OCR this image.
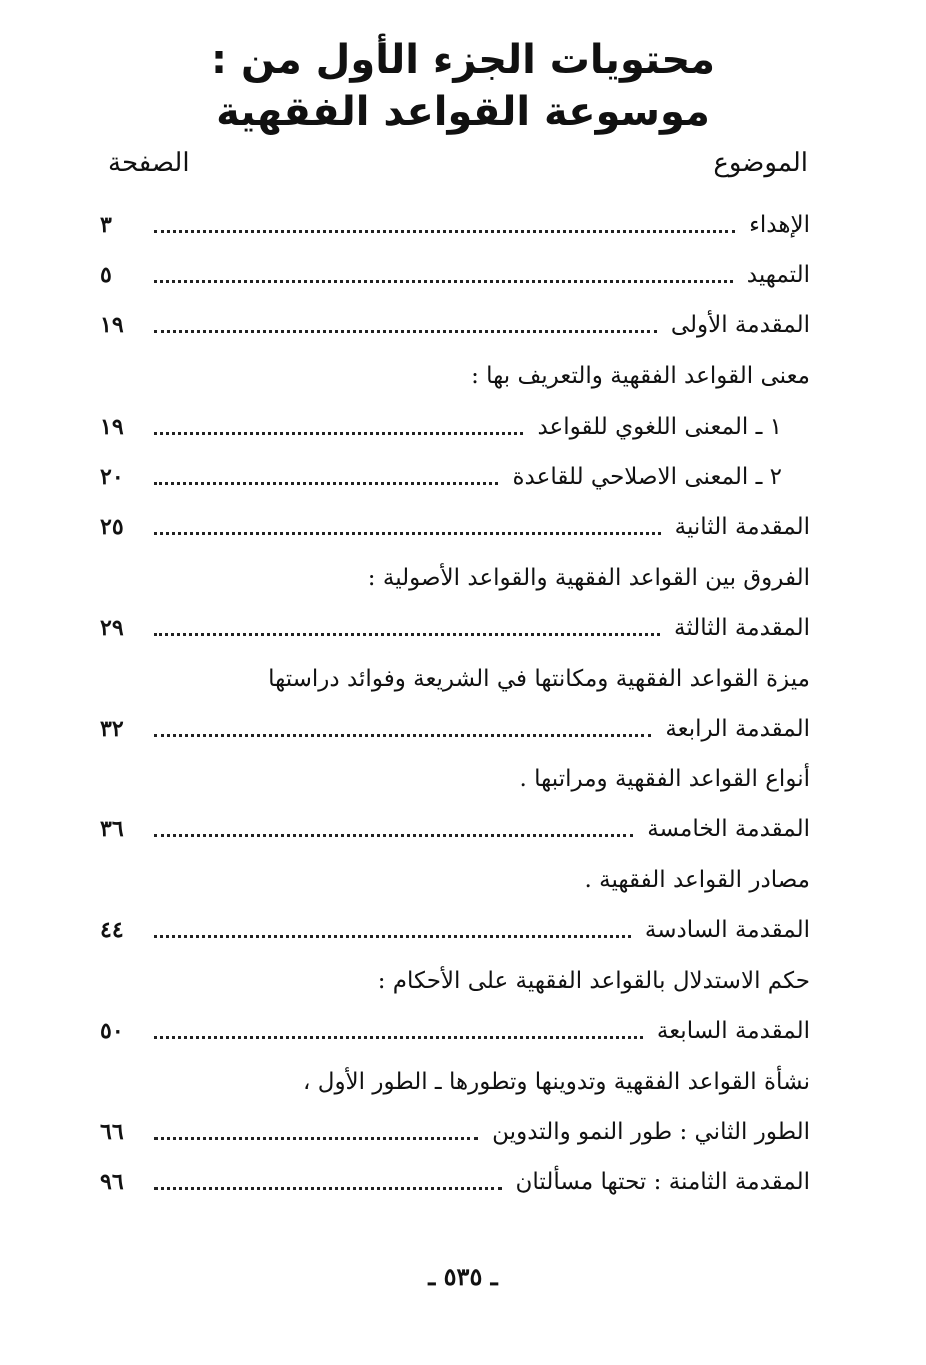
محتويات الجزء الأول من :
موسوعة القواعد الفقهية
الموضوع
الصفحة
الإهداء
٣
التمهيد
٥
المقدمة الأولى
١٩
معنى القواعد الفقهية والتعريف بها :
١ ـ المعنى اللغوي للقواعد
١٩
٢ ـ المعنى الاصلاحي للقاعدة
٢٠
المقدمة الثانية
٢٥
الفروق بين القواعد الفقهية والقواعد الأصولية :
المقدمة الثالثة
٢٩
ميزة القواعد الفقهية ومكانتها في الشريعة وفوائد دراستها
المقدمة الرابعة
٣٢
أنواع القواعد الفقهية ومراتبها .
المقدمة الخامسة
٣٦
مصادر القواعد الفقهية .
المقدمة السادسة
٤٤
حكم الاستدلال بالقواعد الفقهية على الأحكام :
المقدمة السابعة
٥٠
نشأة القواعد الفقهية وتدوينها وتطورها ـ الطور الأول ،
الطور الثاني : طور النمو والتدوين
٦٦
المقدمة الثامنة : تحتها مسألتان
٩٦
ـ ٥٣٥ ـ
